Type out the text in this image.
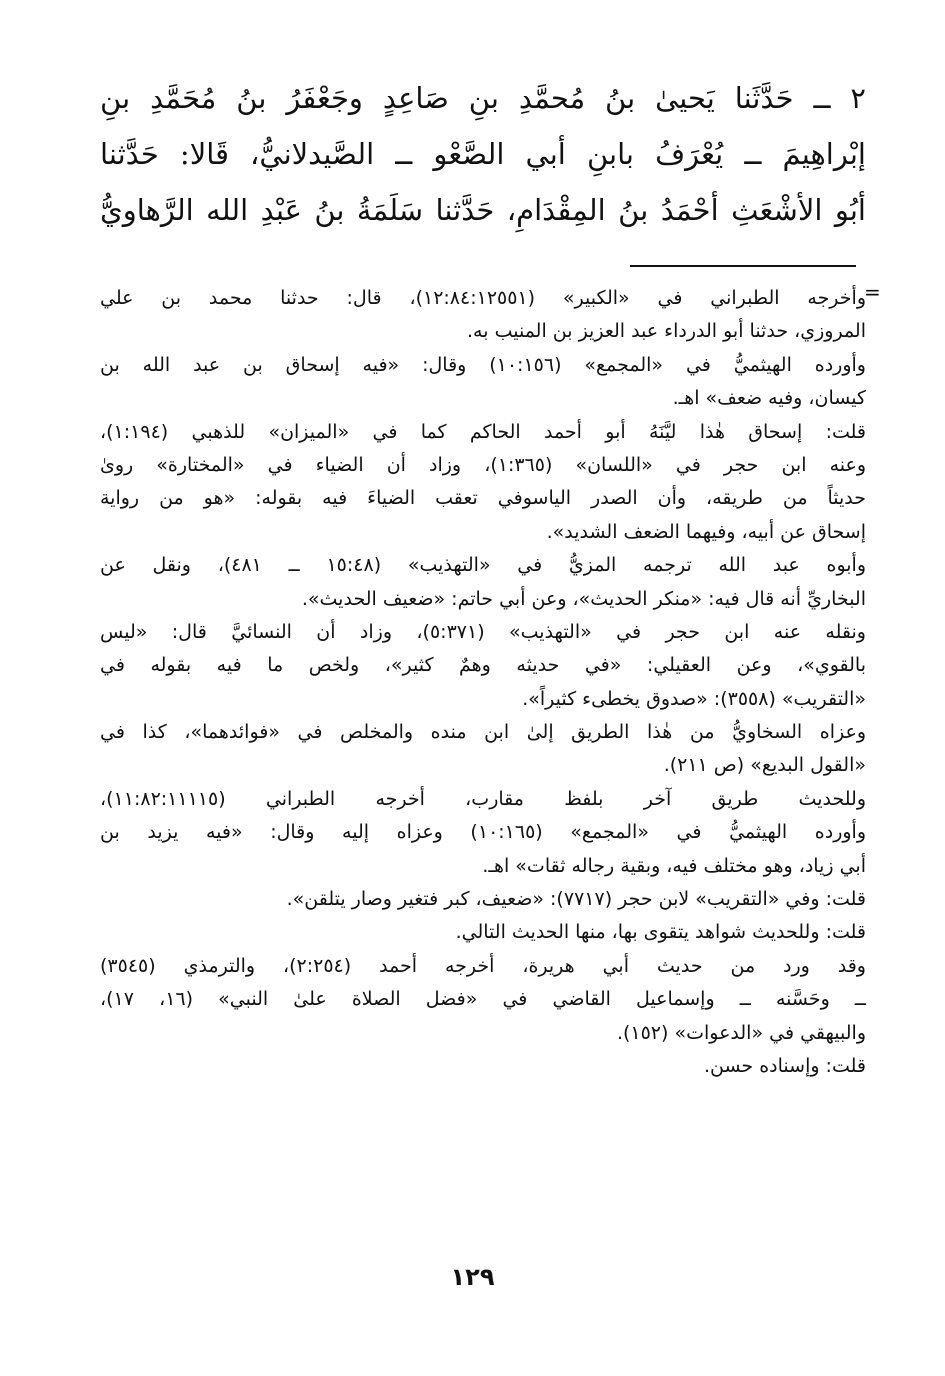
٢ ــ حَدَّثَنا يَحيىٰ بنُ مُحمَّدِ بنِ صَاعِدٍ وجَعْفَرُ بنُ مُحَمَّدِ بنِ
إبْراهِيمَ ــ يُعْرَفُ بابنِ أبي الصَّعْو ــ الصَّيدلانيُّ، قَالا: حَدَّثنا
أبُو الأشْعَثِ أحْمَدُ بنُ المِقْدَامِ، حَدَّثنا سَلَمَةُ بنُ عَبْدِ الله الرَّهاويُّ
=
وأخرجه الطبراني في «الكبير» (١٢:٨٤:١٢٥٥١)، قال: حدثنا محمد بن علي
المروزي، حدثنا أبو الدرداء عبد العزيز بن المنيب به.
وأورده الهيثميُّ في «المجمع» (١٠:١٥٦) وقال: «فيه إسحاق بن عبد الله بن
كيسان، وفيه ضعف» اهـ.
قلت: إسحاق هٰذا ليَّنَهُ أبو أحمد الحاكم كما في «الميزان» للذهبي (١:١٩٤)،
وعنه ابن حجر في «اللسان» (١:٣٦٥)، وزاد أن الضياء في «المختارة» روىٰ
حديثاً من طريقه، وأن الصدر الياسوفي تعقب الضياءَ فيه بقوله: «هو من رواية
إسحاق عن أبيه، وفيهما الضعف الشديد».
وأبوه عبد الله ترجمه المزيُّ في «التهذيب» (١٥:٤٨ ــ ٤٨١)، ونقل عن
البخاريِّ أنه قال فيه: «منكر الحديث»، وعن أبي حاتم: «ضعيف الحديث».
ونقله عنه ابن حجر في «التهذيب» (٥:٣٧١)، وزاد أن النسائيَّ قال: «ليس
بالقوي»، وعن العقيلي: «في حديثه وهمٌ كثير»، ولخص ما فيه بقوله في
«التقريب» (٣٥٥٨): «صدوق يخطىء كثيراً».
وعزاه السخاويُّ من هٰذا الطريق إلىٰ ابن منده والمخلص في «فوائدهما»، كذا في
«القول البديع» (ص ٢١١).
وللحديث طريق آخر بلفظ مقارب، أخرجه الطبراني (١١:٨٢:١١١١٥)،
وأورده الهيثميُّ في «المجمع» (١٠:١٦٥) وعزاه إليه وقال: «فيه يزيد بن
أبي زياد، وهو مختلف فيه، وبقية رجاله ثقات» اهـ.
قلت: وفي «التقريب» لابن حجر (٧٧١٧): «ضعيف، كبر فتغير وصار يتلقن».
قلت: وللحديث شواهد يتقوى بها، منها الحديث التالي.
وقد ورد من حديث أبي هريرة، أخرجه أحمد (٢:٢٥٤)، والترمذي (٣٥٤٥)
ــ وحَسَّنه ــ وإسماعيل القاضي في «فضل الصلاة علىٰ النبي» (١٦، ١٧)،
والبيهقي في «الدعوات» (١٥٢).
قلت: وإسناده حسن.
١٢٩
